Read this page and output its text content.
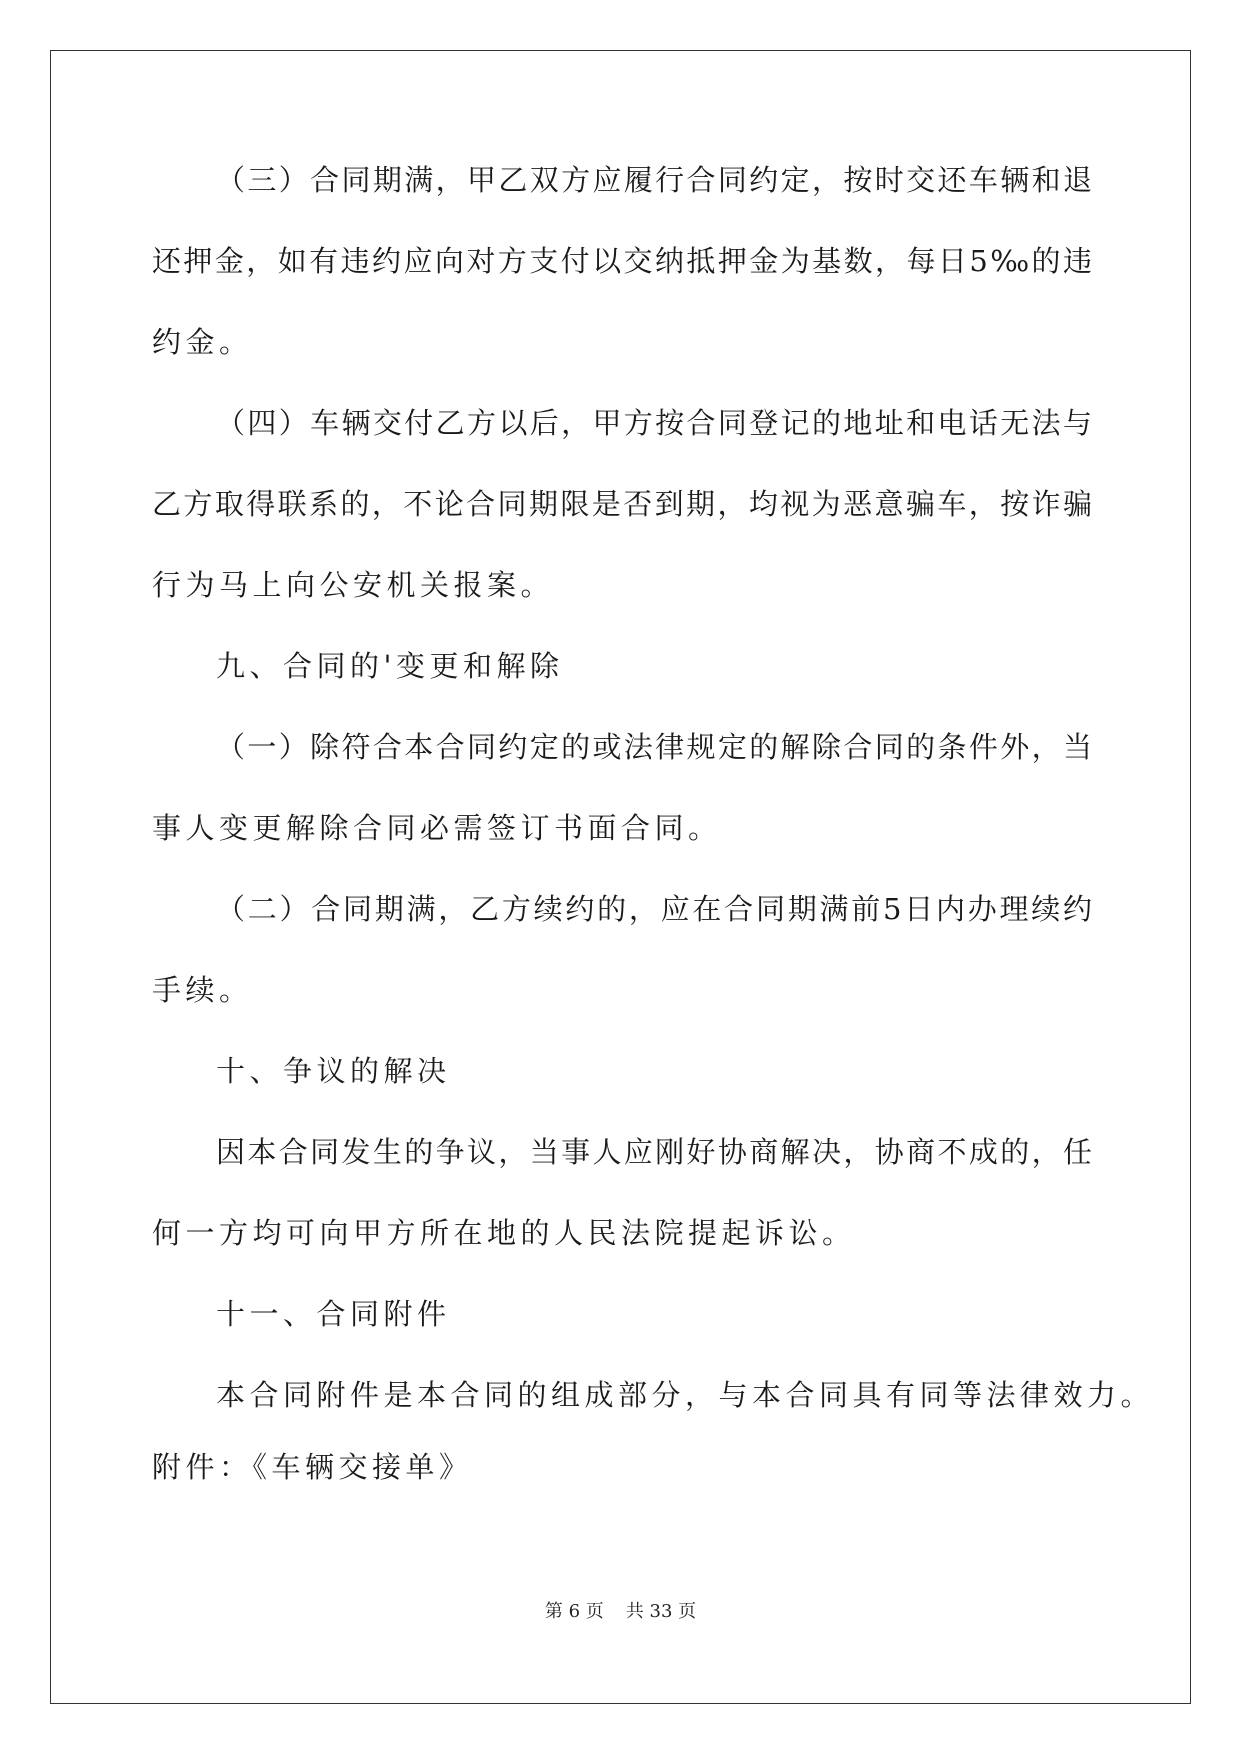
（三）合同期满，甲乙双方应履行合同约定，按时交还车辆和退
还押金，如有违约应向对方支付以交纳抵押金为基数，每日5‰的违
约金。
（四）车辆交付乙方以后，甲方按合同登记的地址和电话无法与
乙方取得联系的，不论合同期限是否到期，均视为恶意骗车，按诈骗
行为马上向公安机关报案。
九、合同的'变更和解除
（一）除符合本合同约定的或法律规定的解除合同的条件外，当
事人变更解除合同必需签订书面合同。
（二）合同期满，乙方续约的，应在合同期满前5日内办理续约
手续。
十、争议的解决
因本合同发生的争议，当事人应刚好协商解决，协商不成的，任
何一方均可向甲方所在地的人民法院提起诉讼。
十一、合同附件
本合同附件是本合同的组成部分，与本合同具有同等法律效力。
附件：《车辆交接单》
第 6 页 共 33 页
